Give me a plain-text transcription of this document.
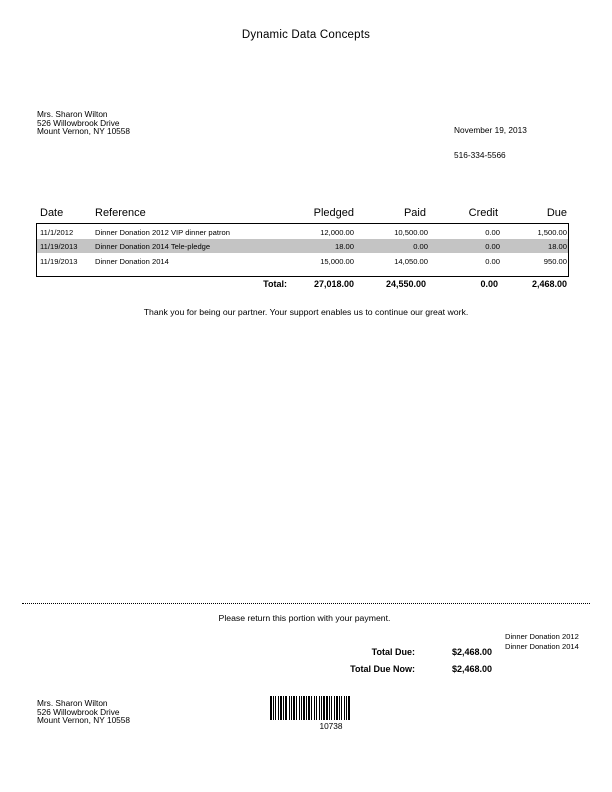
Dynamic Data Concepts
Mrs. Sharon Wilton
526 Willowbrook Drive
Mount Vernon, NY 10558	November 19, 2013
516-334-5566
Date	Reference	Pledged	Paid	Credit	Due
11/1/2012	Dinner Donation 2012 VIP dinner patron	12,000.00	10,500.00	0.00	1,500.00
11/19/2013 Dinner Donation 2014 Tele-pledge	18.00	0.00	0.00	18.00
11/19/2013 Dinner Donation 2014	15,000.00	14,050.00	0.00	950.00
Total:	27,018.00	24,550.00	0.00	2,468.00
Thank you for being our partner. Your support enables us to continue our great work.
Please return this portion with your payment.
Total Due:	$2,468.00
Total Due Now:	$2,468.00
Dinner Donation 2012
Dinner Donation 2014
Mrs. Sharon Wilton
526 Willowbrook Drive
Mount Vernon, NY 10558
10738
